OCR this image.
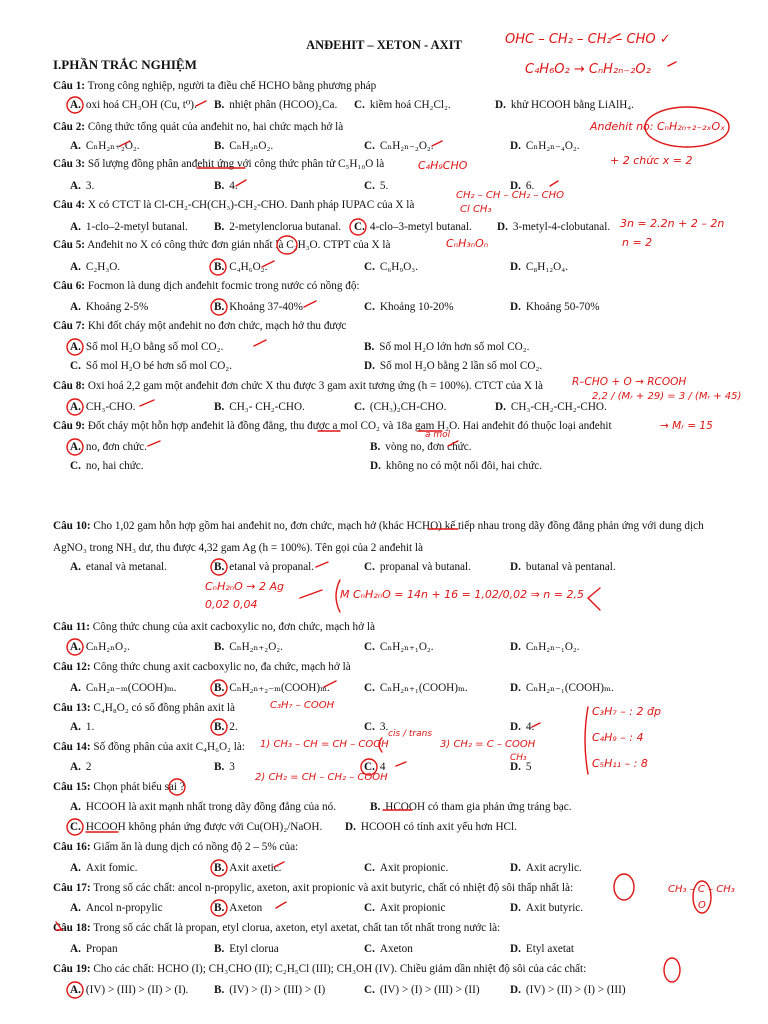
ANĐEHIT – XETON - AXIT
I.PHẦN TRẮC NGHIỆM
Câu 1: Trong công nghiệp, người ta điều chế HCHO bằng phương pháp
A. oxi hoá CH₃OH (Cu, t⁰). B. nhiệt phân (HCOO)₂Ca. C. kiềm hoá CH₂Cl₂.	D. khử HCOOH bằng LiAlH₄.
Câu 2: Công thức tổng quát của anđehit no, hai chức mạch hở là
A. CₙH₂ₙ₊₂O₂.	B. CₙH₂ₙO₂.	C. CₙH₂ₙ₋₂O₂.	D. CₙH₂ₙ₋₄O₂.
Câu 3: Số lượng đồng phân anđehit ứng với công thức phân tử C₅H₁₀O là
A. 3.	B. 4.	C. 5.	D. 6.
Câu 4: X có CTCT là Cl-CH₂-CH(CH₃)-CH₂-CHO. Danh pháp IUPAC của X là
A. 1-clo–2-metyl butanal. B. 2-metylenclorua butanal. C. 4-clo–3-metyl butanal. D. 3-metyl-4-clobutanal.
Câu 5: Anđehit no X có công thức đơn giản nhất là C₂H₃O. CTPT của X là
A. C₂H₃O.	B. C₄H₆O₂.	C. C₆H₉O₃.	D. C₈H₁₂O₄.
Câu 6: Focmon là dung dịch anđehit focmic trong nước có nồng độ:
A. Khoảng 2-5%	B. Khoảng 37-40%	C. Khoảng 10-20%	D. Khoảng 50-70%
Câu 7: Khi đốt cháy một anđehit no đơn chức, mạch hở thu được
A. Số mol H₂O bằng số mol CO₂.	B. Số mol H₂O lớn hơn số mol CO₂.
C. Số mol H₂O bé hơn số mol CO₂.	D. Số mol H₂O bằng 2 lần số mol CO₂.
Câu 8: Oxi hoá 2,2 gam một anđehit đơn chức X thu được 3 gam axit tương ứng (h = 100%). CTCT của X là
A. CH₃-CHO.	B. CH₃- CH₂-CHO.	C. (CH₃)₂CH-CHO.	D. CH₃-CH₂-CH₂-CHO.
Câu 9: Đốt cháy một hỗn hợp anđehit là đồng đẳng, thu được a mol CO₂ và 18a gam H₂O. Hai anđehit đó thuộc loại anđehit
A. no, đơn chức.	B. vòng no, đơn chức.
C. no, hai chức.	D. không no có một nối đôi, hai chức.
Câu 10: Cho 1,02 gam hỗn hợp gồm hai anđehit no, đơn chức, mạch hở (khác HCHO) kế tiếp nhau trong dãy đồng đẳng phản ứng với dung dịch
AgNO₃ trong NH₃ dư, thu được 4,32 gam Ag (h = 100%). Tên gọi của 2 anđehit là
A. etanal và metanal.	B. etanal và propanal.	C. propanal và butanal.	D. butanal và pentanal.
Câu 11: Công thức chung của axit cacboxylic no, đơn chức, mạch hở là
A. CₙH₂ₙO₂.	B. CₙH₂ₙ₊₂O₂.	C. CₙH₂ₙ₊₁O₂.	D. CₙH₂ₙ₋₁O₂.
Câu 12: Công thức chung axit cacboxylic no, đa chức, mạch hở là
A. CₙH₂ₙ₋ₘ(COOH)ₘ.	B. CₙH₂ₙ₊₂₋ₘ(COOH)ₘ.	C. CₙH₂ₙ₊₁(COOH)ₘ.	D. CₙH₂ₙ₋₁(COOH)ₘ.
Câu 13: C₄H₈O₂ có số đồng phân axit là
A. 1.	B. 2.	C. 3.	D. 4.
Câu 14: Số đồng phân của axit C₄H₆O₂ là:
A. 2	B. 3	C. 4	D. 5
Câu 15: Chọn phát biểu sai ?
A. HCOOH là axit mạnh nhất trong dãy đồng đẳng của nó.	B. HCOOH có tham gia phản ứng tráng bạc.
C. HCOOH không phản ứng được với Cu(OH)₂/NaOH. D. HCOOH có tính axit yếu hơn HCl.
Câu 16: Giấm ăn là dung dịch có nồng độ 2 – 5% của:
A. Axit fomic.	B. Axit axetic.	C. Axit propionic.	D. Axit acrylic.
Câu 17: Trong số các chất: ancol n-propylic, axeton, axit propionic và axit butyric, chất có nhiệt độ sôi thấp nhất là:
A. Ancol n-propylic	B. Axeton	C. Axit propionic	D. Axit butyric.
Câu 18: Trong số các chất là propan, etyl clorua, axeton, etyl axetat, chất tan tốt nhất trong nước là:
A. Propan	B. Etyl clorua	C. Axeton	D. Etyl axetat
Câu 19: Cho các chất: HCHO (I); CH₃CHO (II); C₂H₅Cl (III); CH₃OH (IV). Chiều giảm dần nhiệt độ sôi của các chất:
A. (IV) > (III) > (II) > (I). B. (IV) > (I) > (III) > (I)	C. (IV) > (I) > (III) > (II)	D. (IV) > (II) > (I) > (III)
OHC – CH₂ – CH₂ – CHO ✓
C₄H₆O₂ → CₙH₂ₙ₋₂O₂
Anđehit no: CₙH₂ₙ₊₂₋₂ₓOₓ
+ 2 chức x = 2
C₄H₉CHO
CH₂ – CH – CH₂ – CHO
Cl CH₃
CₙH₃ₙOₙ
3n = 2.2n + 2 – 2n
n = 2
R–CHO + O → RCOOH
2,2 / (Mᵣ + 29) = 3 / (Mᵣ + 45)
→ Mᵣ = 15
a mol
CₙH₂ₙO → 2 Ag
0,02 0,04
M CₙH₂ₙO = 14n + 16 = 1,02/0,02 ⇒ n = 2,5
C₃H₇ – COOH	C₃H₇ – : 2 đp
C₄H₉ – : 4
C₅H₁₁ – : 8
1) CH₃ – CH = CH – COOH
cis / trans
3) CH₂ = C – COOH
CH₃
2) CH₂ = CH – CH₂ – COOH
CH₃ – C – CH₃
O
